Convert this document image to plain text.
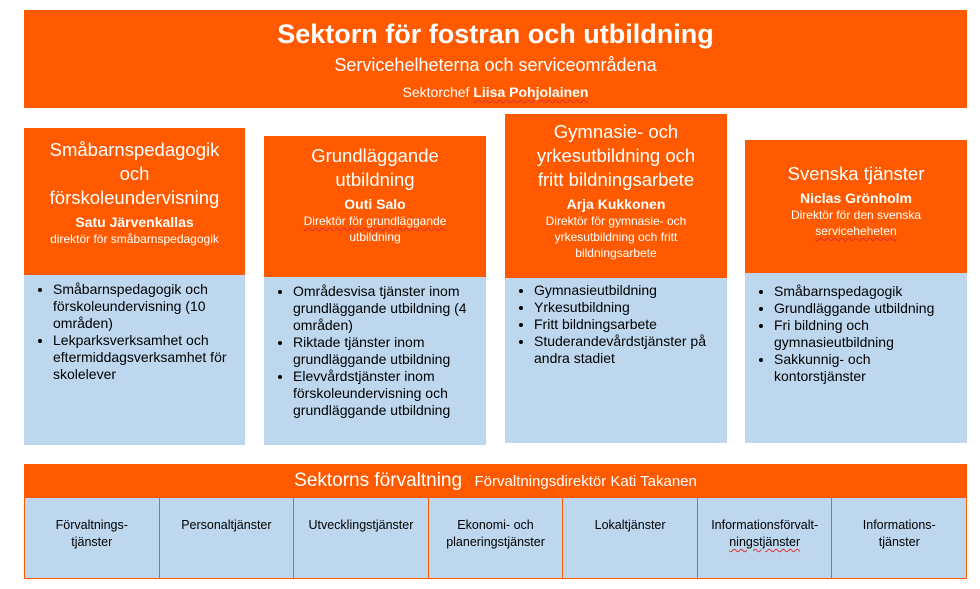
Sektorn för fostran och utbildning
Servicehelheterna och serviceområdena
Sektorchef Liisa Pohjolainen
Småbarnspedagogik
och
förskoleundervisning
Satu Järvenkallas
direktör för småbarnspedagogik
• Småbarnspedagogik och förskoleundervisning (10 områden)
• Lekparksverksamhet och eftermiddagsverksamhet för skolelever
Grundläggande
utbildning
Outi Salo
Direktör för grundläggande
utbildning
• Områdesvisa tjänster inom grundläggande utbildning (4 områden)
• Riktade tjänster inom grundläggande utbildning
• Elevvårdstjänster inom förskoleundervisning och grundläggande utbildning
Gymnasie- och
yrkesutbildning och
fritt bildningsarbete
Arja Kukkonen
Direktör för gymnasie- och
yrkesutbildning och fritt
bildningsarbete
• Gymnasieutbildning
• Yrkesutbildning
• Fritt bildningsarbete
• Studerandevårdstjänster på andra stadiet
Svenska tjänster
Niclas Grönholm
Direktör för den svenska
serviceheheten
• Småbarnspedagogik
• Grundläggande utbildning
• Fri bildning och gymnasieutbildning
• Sakkunnig- och kontorstjänster
Sektorns förvaltning Förvaltningsdirektör Kati Takanen
Förvaltnings-
tjänster
Personaltjänster	Utvecklingstjänster	Ekonomi- och
planeringstjänster
Lokaltjänster	Informationsförvalt-
ningstjänster
Informations-
tjänster
